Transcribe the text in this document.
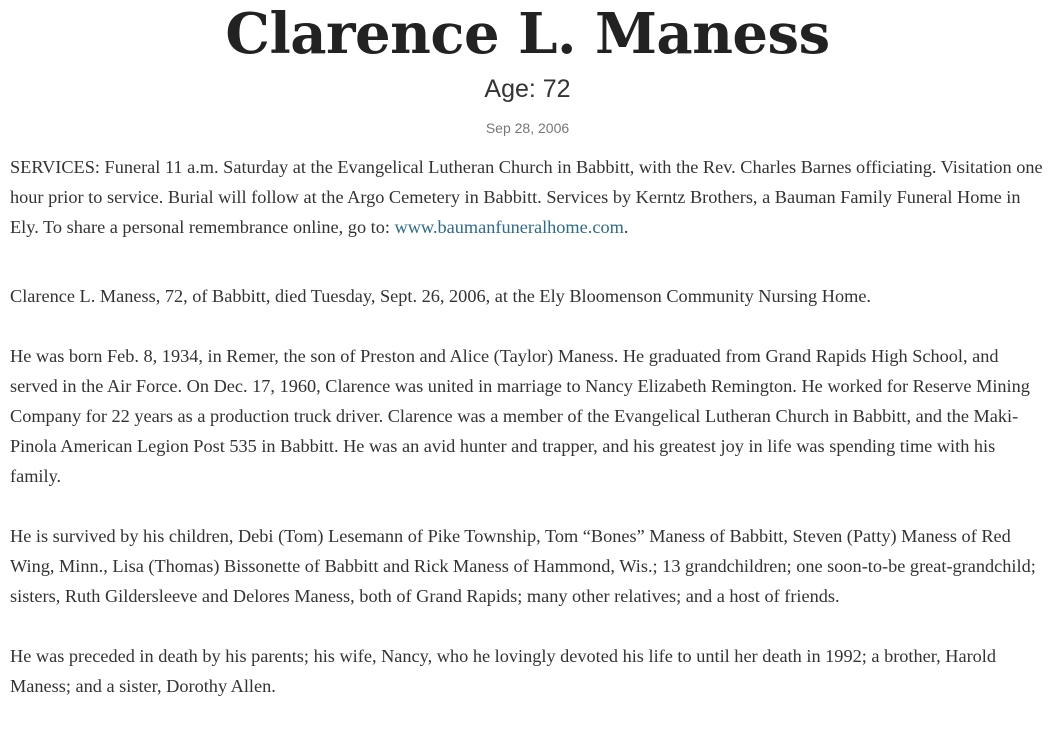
Clarence L. Maness
Age: 72
Sep 28, 2006

SERVICES: Funeral 11 a.m. Saturday at the Evangelical Lutheran Church in Babbitt, with the Rev. Charles Barnes officiating. Visitation one hour prior to service. Burial will follow at the Argo Cemetery in Babbitt. Services by Kerntz Brothers, a Bauman Family Funeral Home in Ely. To share a personal remembrance online, go to: www.baumanfuneralhome.com.

Clarence L. Maness, 72, of Babbitt, died Tuesday, Sept. 26, 2006, at the Ely Bloomenson Community Nursing Home.

He was born Feb. 8, 1934, in Remer, the son of Preston and Alice (Taylor) Maness. He graduated from Grand Rapids High School, and served in the Air Force. On Dec. 17, 1960, Clarence was united in marriage to Nancy Elizabeth Remington. He worked for Reserve Mining Company for 22 years as a production truck driver. Clarence was a member of the Evangelical Lutheran Church in Babbitt, and the Maki-Pinola American Legion Post 535 in Babbitt. He was an avid hunter and trapper, and his greatest joy in life was spending time with his family.

He is survived by his children, Debi (Tom) Lesemann of Pike Township, Tom “Bones” Maness of Babbitt, Steven (Patty) Maness of Red Wing, Minn., Lisa (Thomas) Bissonette of Babbitt and Rick Maness of Hammond, Wis.; 13 grandchildren; one soon-to-be great-grandchild; sisters, Ruth Gildersleeve and Delores Maness, both of Grand Rapids; many other relatives; and a host of friends.

He was preceded in death by his parents; his wife, Nancy, who he lovingly devoted his life to until her death in 1992; a brother, Harold Maness; and a sister, Dorothy Allen.
